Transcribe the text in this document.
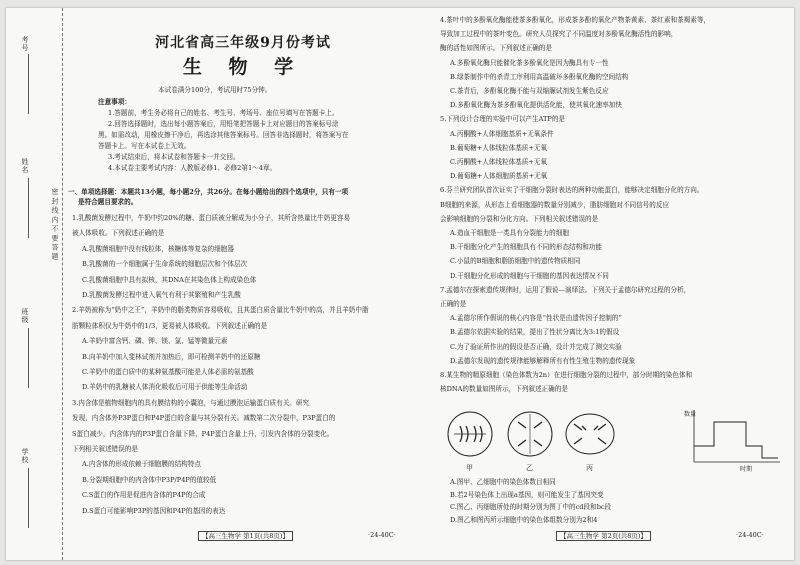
考号
姓名
班级
学校
密 封 线 内 不 要 答 题
河北省高三年级9月份考试
生 物 学
本试卷满分100分，考试用时75分钟。
注意事项：
1.答题前，考生务必将自己的姓名、考生号、考场号、座位号填写在答题卡上。
2.回答选择题时，选出每小题答案后，用铅笔把答题卡上对应题目的答案标号涂
黑。如需改动，用橡皮擦干净后，再选涂其他答案标号。回答非选择题时，将答案写在
答题卡上。写在本试卷上无效。
3.考试结束后，将本试卷和答题卡一并交回。
4.本试卷主要考试内容：人教版必修1、必修2第1～4章。
一、单项选择题：本题共13小题，每小题2分，共26分。在每小题给出的四个选项中，只有一项
是符合题目要求的。
1.乳酸菌发酵过程中，牛奶中约20%的糖、蛋白质被分解成为小分子，其所含热量比牛奶更容易
被人体吸收。下列叙述正确的是
A.乳酸菌细胞中没有线粒体，核糖体等复杂的细胞器
B.乳酸菌的一个细胞属于生命系统的细胞层次和个体层次
C.乳酸菌细胞中具有拟核，其DNA在其染色体上构成染色体
D.乳酸菌发酵过程中进入氧气有利于其繁殖和产生乳酸
2.羊奶被称为“奶中之王”，羊奶中的脂类物质容易吸收，且其蛋白质含量比牛奶中的高，并且羊奶中脂
肪颗粒体积仅为牛奶中的1/3，更易被人体吸收。下列叙述正确的是
A.羊奶中富含钙、磷、钾、镁、氯、锰等微量元素
B.向羊奶中加入斐林试剂并加热后，即可检测羊奶中的还原糖
C.羊奶中的蛋白质中的某种氨基酸可能是人体必需的氨基酸
D.羊奶中的乳糖被人体消化吸收后可用于供能等生命活动
3.内含体是植物细胞内的具有膜结构的小囊泡，与通过膜泡运输蛋白质有关。研究
发现，内含体外P3P蛋白和P4P蛋白的含量与其分裂有关。减数第二次分裂中，P3P蛋白的
S蛋白减少，内含体内的P3P蛋白含量下降，P4P蛋白含量上升，引发内含体的分裂变化。
下列相关叙述错误的是
A.内含体的形成依赖于细胞膜的结构特点
B.分裂期细胞中的内含体中P3P/P4P的值较低
C.S蛋白的作用是促进内含体的P4P的合成
D.S蛋白可能影响P3P的基因和P4P的基因的表达
【高三生物学 第1页(共8页)】	·24-40C·
4.茶叶中的多酚氧化酶能使茶多酚氧化，形成茶多酚的氧化产物茶黄素、茶红素和茶褐素等，
导致加工过程中的茶叶变色。研究人员探究了不同温度对多酚氧化酶活性的影响，
酶的活性如图所示。下列叙述正确的是
A.多酚氧化酶只能催化茶多酚氧化是因为酶具有专一性
B.绿茶制作中的杀青工序利用高温破坏多酚氧化酶的空间结构
C.茶青后，多酚氧化酶不能与双缩脲试剂发生紫色反应
D.多酚氧化酶为茶多酚氧化提供活化能，使其氧化速率加快
5.下列设计合理的实验中可以产生ATP的是
A.丙酮酸+人体细胞基质+无氧条件
B.葡萄糖+人体线粒体基质+无氧
C.丙酮酸+人体线粒体基质+无氧
D.葡萄糖+人体细胞质基质+无氧
6.芬兰研究团队首次证实了干细胞分裂时表达的两种功能蛋白，能够决定细胞分化的方向。
B细胞的来源，从形态上看细胞器的数量分别减少，脂肪细胞对不同信号的反应
会影响细胞的分裂和分化方向。下列相关叙述错误的是
A.造血干细胞是一类具有分裂能力的细胞
B.干细胞分化产生的细胞具有不同的形态结构和功能
C.小鼠的B细胞和脂肪细胞中的遗传物质相同
D.干细胞分化形成的细胞与干细胞的基因表达情况不同
7.孟德尔在探索遗传规律时，运用了假说—演绎法。下列关于孟德尔研究过程的分析，
正确的是
A.孟德尔所作假说的核心内容是“性状是由遗传因子控制的”
B.孟德尔依据实验的结果，提出了性状分离比为3:1的假设
C.为了验证所作出的假设是否正确，设计并完成了测交实验
D.孟德尔发现的遗传规律能够解释所有有性生殖生物的遗传现象
8.某生物的精原细胞（染色体数为2n）在进行细胞分裂的过程中，部分时期的染色体和
核DNA的数量如图所示，下列叙述正确的是
甲	乙	丙
数量
时期
A.图甲、乙细胞中的染色体数目相同
B.若2号染色体上出现a基因，则可能发生了基因突变
C.图乙、丙细胞所处的时期分别为图丁中的cd段和bc段
D.图乙和图丙所示细胞中的染色体组数分别为2和4
【高三生物学 第2页(共8页)】	·24-40C·
